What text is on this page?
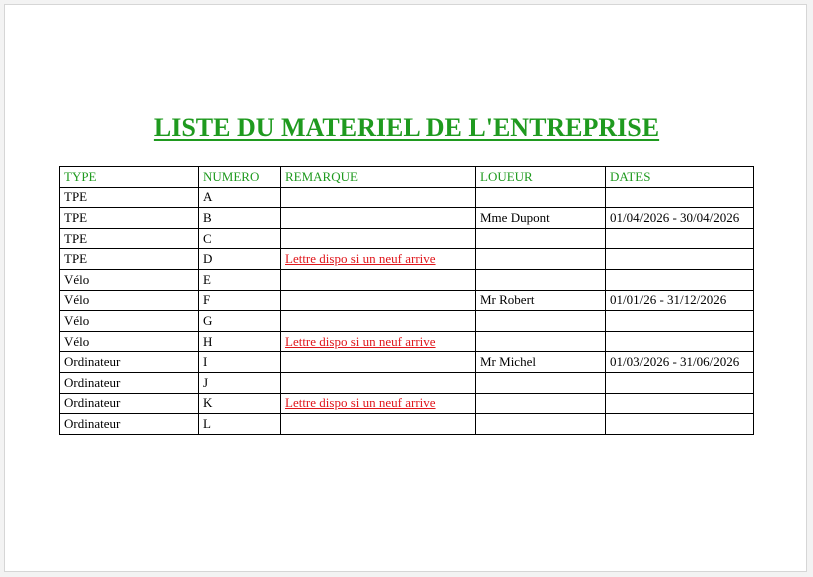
LISTE DU MATERIEL DE L'ENTREPRISE
TYPE	NUMERO	REMARQUE	LOUEUR	DATES
TPE	A			
TPE	B		Mme Dupont	01/04/2026 - 30/04/2026
TPE	C			
TPE	D	Lettre dispo si un neuf arrive		
Vélo	E			
Vélo	F		Mr Robert	01/01/26 - 31/12/2026
Vélo	G			
Vélo	H	Lettre dispo si un neuf arrive		
Ordinateur	I		Mr Michel	01/03/2026 - 31/06/2026
Ordinateur	J			
Ordinateur	K	Lettre dispo si un neuf arrive		
Ordinateur	L			
